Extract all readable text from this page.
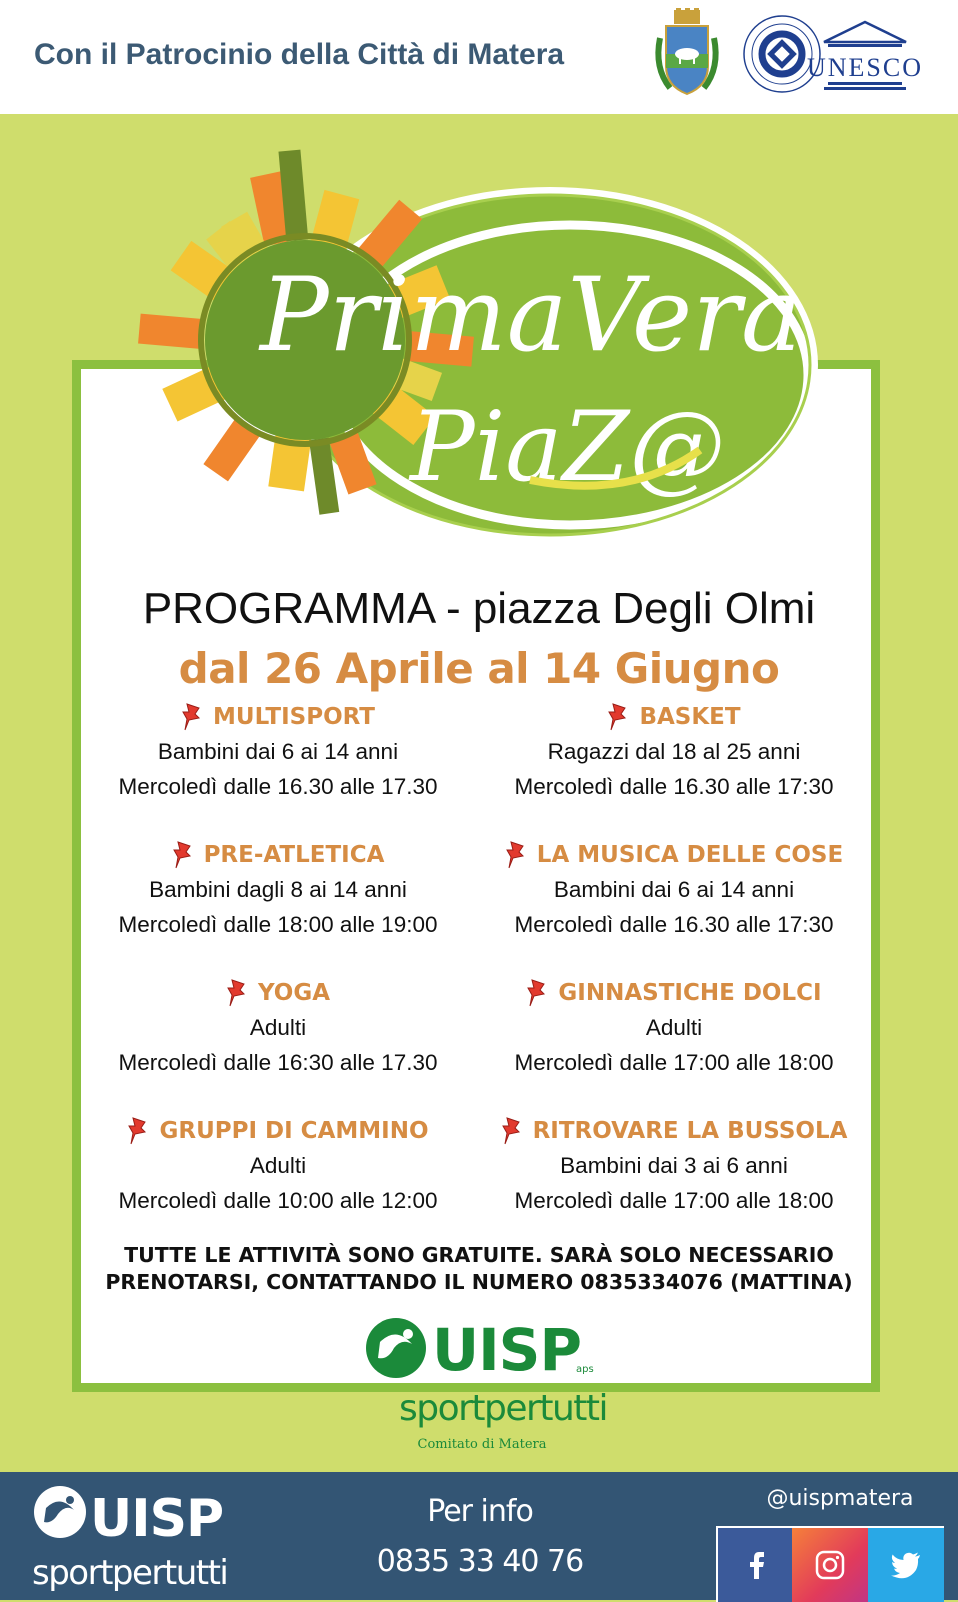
Con il Patrocinio della Città di Matera	UNESCO
PrimaVera
PiaZ@
PROGRAMMA - piazza Degli Olmi
dal 26 Aprile al 14 Giugno
MULTISPORT
Bambini dai 6 ai 14 anni
Mercoledì dalle 16.30 alle 17.30
BASKET
Ragazzi dal 18 al 25 anni
Mercoledì dalle 16.30 alle 17:30
PRE-ATLETICA
Bambini dagli 8 ai 14 anni
Mercoledì dalle 18:00 alle 19:00
LA MUSICA DELLE COSE
Bambini dai 6 ai 14 anni
Mercoledì dalle 16.30 alle 17:30
YOGA
Adulti
Mercoledì dalle 16:30 alle 17.30
GINNASTICHE DOLCI
Adulti
Mercoledì dalle 17:00 alle 18:00
GRUPPI DI CAMMINO
Adulti
Mercoledì dalle 10:00 alle 12:00
RITROVARE LA BUSSOLA
Bambini dai 3 ai 6 anni
Mercoledì dalle 17:00 alle 18:00
TUTTE LE ATTIVITÀ SONO GRATUITE. SARÀ SOLO NECESSARIO
PRENOTARSI, CONTATTANDO IL NUMERO 0835334076 (MATTINA)
UISP
aps
sportpertutti
Comitato di Matera
UISP
sportpertutti
Per info
0835 33 40 76
@uispmatera
